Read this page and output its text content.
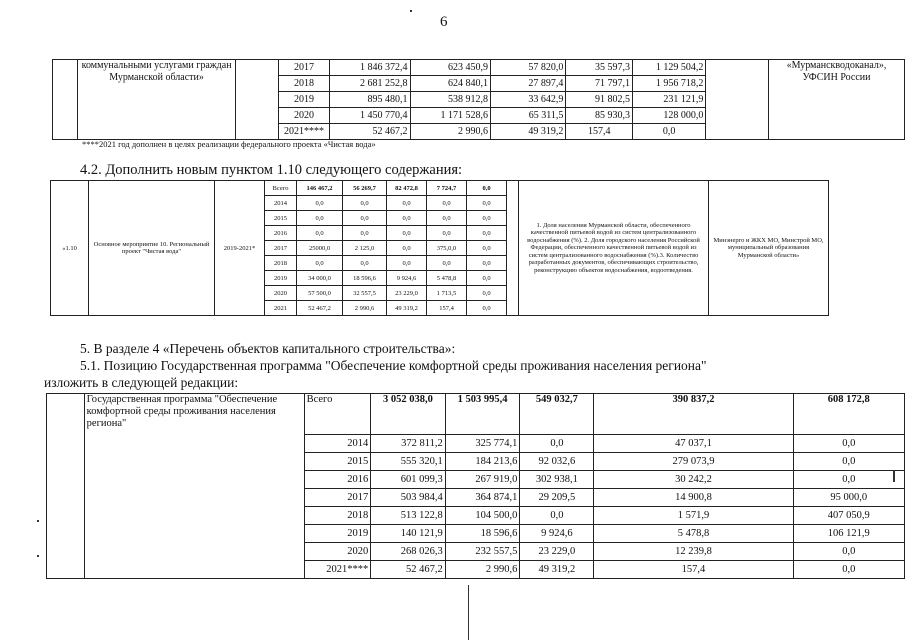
6
	коммунальными услугами граждан Мурманской области»		2017	1 846 372,4	623 450,9	57 820,0	35 597,3	1 129 504,2		«Мурманскводоканал», УФСИН России
			2018	2 681 252,8	624 840,1	27 897,4	71 797,1	1 956 718,2		
			2019	895 480,1	538 912,8	33 642,9	91 802,5	231 121,9		
			2020	1 450 770,4	1 171 528,6	65 311,5	85 930,3	128 000,0		
			2021****	52 467,2	2 990,6	49 319,2	157,4	0,0		
****2021 год дополнен в целях реализации федерального проекта «Чистая вода»
4.2. Дополнить новым пунктом 1.10 следующего содержания:
«1.10	Основное мероприятие 10. Региональный проект "Чистая вода"	2019-2021*	Всего	146 467,2	56 269,7	82 472,8	7 724,7	0,0		1. Доля населения Мурманской области, обеспеченного качественной питьевой водой из систем централизованного водоснабжения (%). 2. Доля городского населения Российской Федерации, обеспеченного качественной питьевой водой из систем централизованного водоснабжения (%).3. Количество разработанных документов, обеспечивающих строительство, реконструкцию объектов водоснабжения, водоотведения.	Минэнерго и ЖКХ МО, Минстрой МО, муниципальный образования Мурманской области»
			2014	0,0	0,0	0,0	0,0	0,0			
			2015	0,0	0,0	0,0	0,0	0,0			
			2016	0,0	0,0	0,0	0,0	0,0			
			2017	25000,0	2 125,0	0,0	375,0,0	0,0			
			2018	0,0	0,0	0,0	0,0	0,0			
			2019	34 000,0	18 596,6	9 924,6	5 478,8	0,0			
			2020	57 500,0	32 557,5	23 229,0	1 713,5	0,0			
			2021	52 467,2	2 990,6	49 319,2	157,4	0,0			
5. В разделе 4 «Перечень объектов капитального строительства»:
5.1. Позицию Государственная программа "Обеспечение комфортной среды проживания населения региона"
изложить в следующей редакции:
	Государственная программа "Обеспечение комфортной среды проживания населения региона"	Всего	3 052 038,0	1 503 995,4	549 032,7	390 837,2	608 172,8
		2014	372 811,2	325 774,1	0,0	47 037,1	0,0
		2015	555 320,1	184 213,6	92 032,6	279 073,9	0,0
		2016	601 099,3	267 919,0	302 938,1	30 242,2	0,0
		2017	503 984,4	364 874,1	29 209,5	14 900,8	95 000,0
		2018	513 122,8	104 500,0	0,0	1 571,9	407 050,9
		2019	140 121,9	18 596,6	9 924,6	5 478,8	106 121,9
		2020	268 026,3	232 557,5	23 229,0	12 239,8	0,0
		2021****	52 467,2	2 990,6	49 319,2	157,4	0,0
